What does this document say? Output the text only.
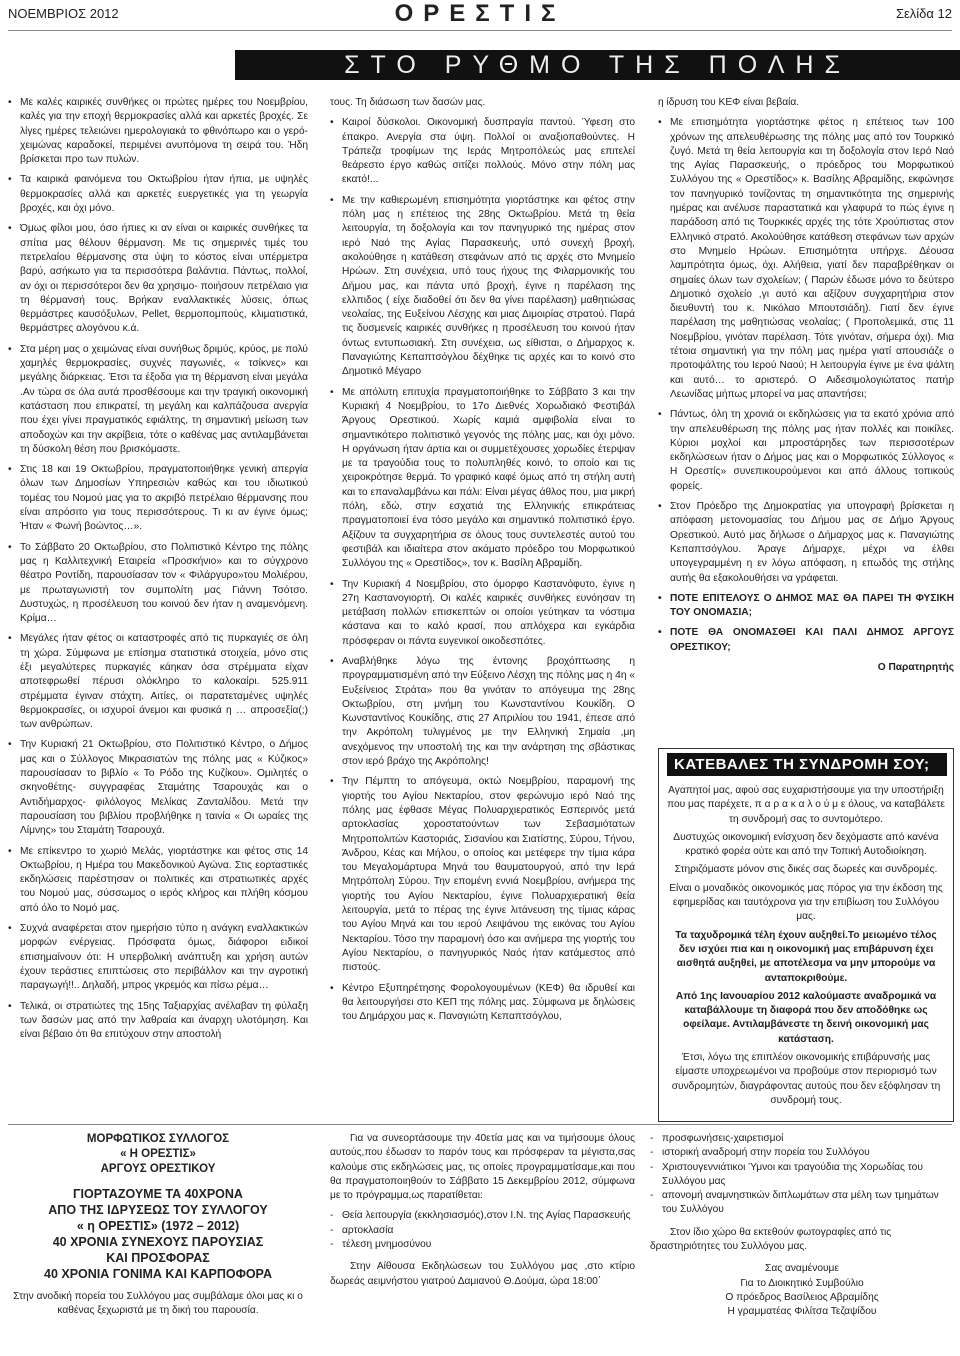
ΝΟΕΜΒΡΙΟΣ 2012	ΟΡΕΣΤΙΣ	Σελίδα 12
ΣΤΟ ΡΥΘΜΟ ΤΗΣ ΠΟΛΗΣ

• Με καλές καιρικές συνθήκες οι πρώτες ημέρες του Νοεμβρίου, καλές για την εποχή θερμοκρασίες αλλά και αρκετές βροχές. Σε λίγες ημέρες τελειώνει ημερολογιακά το φθινόπωρο και ο γερό- χειμώνας καραδοκεί, περιμένει ανυπόμονα τη σειρά του. Ήδη βρίσκεται προ των πυλών.

• Τα καιρικά φαινόμενα του Οκτωβρίου ήταν ήπια, με υψηλές θερμοκρασίες αλλά και αρκετές ευεργετικές για τη γεωργία βροχές, και όχι μόνο.

• Όμως φίλοι μου, όσο ήπιες κι αν είναι οι καιρικές συνθήκες τα σπίτια μας θέλουν θέρμανση. Με τις σημερινές τιμές του πετρελαίου θέρμανσης στα ύψη το κόστος είναι υπέρμετρα βαρύ, ασήκωτο για τα περισσότερα βαλάντια. Πάντως, πολλοί, αν όχι οι περισσότεροι δεν θα χρησιμο- ποιήσουν πετρέλαιο για τη θέρμανσή τους. Βρήκαν εναλλακτικές λύσεις, όπως θερμάστρες καυσόξυλων, Pellet, θερμοπομπούς, κλιματιστικά, θερμάστρες αλογόνου κ.ά.

• Στα μέρη μας ο χειμώνας είναι συνήθως δριμύς, κρύος, με πολύ χαμηλές θερμοκρασίες, συχνές παγωνιές, « τσίκνες» και μεγάλης διάρκειας. Έτσι τα έξοδα για τη θέρμανση είναι μεγάλα .Αν τώρα σε όλα αυτά προσθέσουμε και την τραγική οικονομική κατάσταση που επικρατεί, τη μεγάλη και καλπάζουσα ανεργία που έχει γίνει πραγματικός εφιάλτης, τη σημαντική μείωση των αποδοχών και την ακρίβεια, τότε ο καθένας μας αντιλαμβάνεται τη δύσκολη θέση που βρισκόμαστε.

• Στις 18 και 19 Οκτωβρίου, πραγματοποιήθηκε γενική απεργία όλων των Δημοσίων Υπηρεσιών καθώς και του ιδιωτικού τομέας του Νομού μας για το ακριβό πετρέλαιο θέρμανσης που είναι απρόσιτο για τους περισσότερους. Τι κι αν έγινε όμως; Ήταν « Φωνή βοώντος…».

• Το Σάββατο 20 Οκτωβρίου, στο Πολιτιστικό Κέντρο της πόλης μας η Καλλιτεχνική Εταιρεία «Προσκήνιο» και το σύγχρονο θέατρο Ροντίδη, παρουσίασαν τον « Φιλάργυρο»του Μολιέρου, με πρωταγωνιστή τον συμπολίτη μας Γιάννη Τσότσο. Δυστυχώς, η προσέλευση του κοινού δεν ήταν η αναμενόμενη. Κρίμα…

• Μεγάλες ήταν φέτος οι καταστροφές από τις πυρκαγιές σε όλη τη χώρα. Σύμφωνα με επίσημα στατιστικά στοιχεία, μόνο στις έξι μεγαλύτερες πυρκαγιές κάηκαν όσα στρέμματα είχαν αποτεφρωθεί πέρυσι ολόκληρο το καλοκαίρι. 525.911 στρέμματα έγιναν στάχτη. Αιτίες, οι παρατεταμένες υψηλές θερμοκρασίες, οι ισχυροί άνεμοι και φυσικά η … απροσεξία(;) των ανθρώπων.

• Την Κυριακή 21 Οκτωβρίου, στο Πολιτιστικό Κέντρο, ο Δήμος μας και ο Σύλλογος Μικρασιατών της πόλης μας « Κύζικος» παρουσίασαν το βιβλίο « Το Ρόδο της Κυζίκου». Ομιλητές ο σκηνοθέτης- συγγραφέας Σταμάτης Τσαρουχάς και ο Αντιδήμαρχος- φιλόλογος Μελίκας Ζανταλίδου. Μετά την παρουσίαση του βιβλίου προβλήθηκε η ταινία « Οι ωραίες της Λίμνης» του Σταμάτη Τσαρουχά.

• Με επίκεντρο το χωριό Μελάς, γιορτάστηκε και φέτος στις 14 Οκτωβρίου, η Ημέρα του Μακεδονικού Αγώνα. Στις εορταστικές εκδηλώσεις παρέστησαν οι πολιτικές και στρατιωτικές αρχές του Νομού μας, σύσσωμος ο ιερός κλήρος και πλήθη κόσμου από όλο το Νομό μας.

• Συχνά αναφέρεται στον ημερήσιο τύπο η ανάγκη εναλλακτικών μορφών ενέργειας. Πρόσφατα όμως, διάφοροι ειδικοί επισημαίνουν ότι: Η υπερβολική ανάπτυξη και χρήση αυτών έχουν τεράστιες επιπτώσεις στο περιβάλλον και την αγροτική παραγωγή!!.. Δηλαδή, μπρος γκρεμός και πίσω ρέμα…

• Τελικά, οι στρατιώτες της 15ης Ταξιαρχίας ανέλαβαν τη φύλαξη των δασών μας από την λαθραία και άναρχη υλοτόμηση. Και είναι βέβαιο ότι θα επιτύχουν στην αποστολή

τους. Τη διάσωση των δασών μας.

• Καιροί δύσκολοι. Οικονομική δυσπραγία παντού. Ύφεση στο έπακρο. Ανεργία στα ύψη. Πολλοί οι αναξιοπαθούντες. Η Τράπεζα τροφίμων της Ιεράς Μητροπόλεώς μας επιτελεί θεάρεστο έργο καθώς σιτίζει πολλούς. Μόνο στην πόλη μας εκατό!...

• Με την καθιερωμένη επισημότητα γιορτάστηκε και φέτος στην πόλη μας η επέτειος της 28ης Οκτωβρίου. Μετά τη θεία λειτουργία, τη δοξολογία και τον πανηγυρικό της ημέρας στον ιερό Ναό της Αγίας Παρασκευής, υπό συνεχή βροχή, ακολούθησε η κατάθεση στεφάνων από τις αρχές στο Μνημείο Ηρώων. Στη συνέχεια, υπό τους ήχους της Φιλαρμονικής του Δήμου μας, και πάντα υπό βροχή, έγινε η παρέλαση της ελλπιδος ( είχε διαδοθεί ότι δεν θα γίνει παρέλαση) μαθητιώσας νεολαίας, της Ευξείνου Λέσχης και μιας Διμοιρίας στρατού. Παρά τις δυσμενείς καιρικές συνθήκες η προσέλευση του κοινού ήταν όντως εντυπωσιακή. Στη συνέχεια, ως είθισται, ο Δήμαρχος κ. Παναγιώτης Κεπαπτσόγλου δέχθηκε τις αρχές και το κοινό στο Δημοτικό Μέγαρο

• Με απόλυτη επιτυχία πραγματοποιήθηκε το Σάββατο 3 και την Κυριακή 4 Νοεμβρίου, το 17ο Διεθνές Χορωδιακό Φεστιβάλ Άργους Ορεστικού. Χωρίς καμιά αμφιβολία είναι το σημαντικότερο πολιτιστικό γεγονός της πόλης μας, και όχι μόνο. Η οργάνωση ήταν άρτια και οι συμμετέχουσες χορωδίες έτερψαν με τα τραγούδια τους το πολυπληθές κοινό, το οποίο και τις χειροκρότησε θερμά. Το γραφικό καφέ όμως από τη στήλη αυτή και το επαναλαμβάνω και πάλι: Είναι μέγας άθλος που, μια μικρή πόλη, εδώ, στην εσχατιά της Ελληνικής επικράτειας πραγματοποιεί ένα τόσο μεγάλο και σημαντικό πολιτιστικό έργο. Αξίζουν τα συγχαρητήρια σε όλους τους συντελεστές αυτού του φεστιβάλ και ιδιαίτερα στον ακάματο πρόεδρο του Μορφωτικού Συλλόγου της « Ορεστίδος», τον κ. Βασίλη Αβραμίδη.

• Την Κυριακή 4 Νοεμβρίου, στο όμορφο Καστανόφυτο, έγινε η 27η Καστανογιορτή. Οι καλές καιρικές συνθήκες ευνόησαν τη μετάβαση πολλών επισκεπτών οι οποίοι γεύτηκαν τα νόστιμα κάστανα και το καλό κρασί, που απλόχερα και εγκάρδια πρόσφεραν οι πάντα ευγενικοί οικοδεσπότες.

• Αναβλήθηκε λόγω της έντονης βροχόπτωσης η προγραμματισμένη από την Εύξεινο Λέσχη της πόλης μας η 4η « Ευξείνειος Στράτα» που θα γινόταν το απόγευμα της 28ης Οκτωβρίου, στη μνήμη του Κωνσταντίνου Κουκίδη. Ο Κωνσταντίνος Κουκίδης, στις 27 Απριλίου του 1941, έπεσε από την Ακρόπολη τυλιγμένος με την Ελληνική Σημαία ,μη ανεχόμενος την υποστολή της και την ανάρτηση της σβάστικας στον ιερό βράχο της Ακρόπολης!

• Την Πέμπτη το απόγευμα, οκτώ Νοεμβρίου, παραμονή της γιορτής του Αγίου Νεκταρίου, στον φερώνυμο ιερό Ναό της πόλης μας έφθασε Μέγας Πολυαρχιερατικός Εσπερινός μετά αρτοκλασίας χοροστατούντων των Σεβασμιότατων Μητροπολιτών Καστοριάς, Σισανίου και Σιατίστης, Σύρου, Τήνου, Άνδρου, Κέας και Μήλου, ο οποίος και μετέφερε την τίμια κάρα του Μεγαλομάρτυρα Μηνά του θαυματουργού, από την Ιερά Μητρόπολη Σύρου. Την επομένη εννιά Νοεμβρίου, ανήμερα της γιορτής του Αγίου Νεκταρίου, έγινε Πολυαρχιερατική θεία λειτουργία, μετά το πέρας της έγινε λιτάνευση της τίμιας κάρας του Αγίου Μηνά και του ιερού Λειψάνου της εικόνας του Αγίου Νεκταρίου. Τόσο την παραμονή όσο και ανήμερα της γιορτής του Αγίου Νεκταρίου, ο πανηγυρικός Ναός ήταν κατάμεστος από πιστούς.

• Κέντρο Εξυπηρέτησης Φορολογουμένων (ΚΕΦ) θα ιδρυθεί και θα λειτουργήσει στο ΚΕΠ της πόλης μας. Σύμφωνα με δηλώσεις του Δημάρχου μας κ. Παναγιώτη Κεπαπτσόγλου,

η ίδρυση του ΚΕΦ είναι βεβαία.

• Με επισημότητα γιορτάστηκε φέτος η επέτειος των 100 χρόνων της απελευθέρωσης της πόλης μας από τον Τουρκικό ζυγό. Μετά τη θεία λειτουργία και τη δοξολογία στον Ιερό Ναό της Αγίας Παρασκευής, ο πρόεδρος του Μορφωτικού Συλλόγου της « Ορεστίδος» κ. Βασίλης Αβραμίδης, εκφώνησε τον πανηγυρικό τονίζοντας τη σημαντικότητα της σημερινής ημέρας και ανέλυσε παραστατικά και γλαφυρά το πώς έγινε η παράδοση από τις Τουρκικές αρχές της τότε Χρούπιστας στον Ελληνικό στρατό. Ακολούθησε κατάθεση στεφάνων των αρχών στο Μνημείο Ηρώων. Επισημότητα υπήρχε. Δέουσα λαμπρότητα όμως, όχι. Αλήθεια, γιατί δεν παραβρέθηκαν οι σημαίες όλων των σχολείων; ( Παρών έδωσε μόνο το δεύτερο Δημοτικό σχολείο ,γι αυτό και αξίζουν συγχαρητήρια στον διευθυντή του κ. Νικόλαο Μπουτσιάδη). Γιατί δεν έγινε παρέλαση της μαθητιώσας νεολαίας; ( Προπολεμικά, στις 11 Νοεμβρίου, γινόταν παρέλαση. Τότε γινόταν, σήμερα όχι). Μια τέτοια σημαντική για την πόλη μας ημέρα γιατί απουσιάζε ο προτοψάλτης του Ιερού Ναού; Η λειτουργία έγινε με ένα ψάλτη και αυτό… το αριστερό. Ο Αιδεσιμολογιώτατος πατήρ Λεωνίδας μήπως μπορεί να μας απαντήσει;

• Πάντως, όλη τη χρονιά οι εκδηλώσεις για τα εκατό χρόνια από την απελευθέρωση της πόλης μας ήταν πολλές και ποικίλες. Κύριοι μοχλοί και μπροστάρηδες των περισσοτέρων εκδηλώσεων ήταν ο Δήμος μας και ο Μορφωτικός Σύλλογος « Η Ορεστίς» συνεπικουρούμενοι και από άλλους τοπικούς φορείς.

• Στον Πρόεδρο της Δημοκρατίας για υπογραφή βρίσκεται η απόφαση μετονομασίας του Δήμου μας σε Δήμο Άργους Ορεστικού. Αυτό μας δήλωσε ο Δήμαρχος μας κ. Παναγιώτης Κεπαπτσόγλου. Άραγε Δήμαρχε, μέχρι να έλθει υπογεγραμμένη η εν λόγω απόφαση, η επωδός της στήλης αυτής θα εξακολουθήσει να γράφεται.

• ΠΟΤΕ ΕΠΙΤΕΛΟΥΣ Ο ΔΗΜΟΣ ΜΑΣ ΘΑ ΠΑΡΕΙ ΤΗ ΦΥΣΙΚΗ ΤΟΥ ΟΝΟΜΑΣΙΑ;

• ΠΟΤΕ ΘΑ ΟΝΟΜΑΣΘΕΙ ΚΑΙ ΠΑΛΙ ΔΗΜΟΣ ΑΡΓΟΥΣ ΟΡΕΣΤΙΚΟΥ;

Ο Παρατηρητής

ΚΑΤΕΒΑΛΕΣ ΤΗ ΣΥΝΔΡΟΜΗ ΣΟΥ;

Αγαπητοί μας, αφού σας ευχαριστήσουμε για την υποστήριξη που μας παρέχετε, π α ρ α κ α λ ο ύ μ ε όλους, να καταβάλετε τη συνδρομή σας το συντομότερο.

Δυστυχώς οικονομική ενίσχυση δεν δεχόμαστε από κανένα κρατικό φορέα ούτε και από την Τοπική Αυτοδιοίκηση.

Στηριζόμαστε μόνον στις δικές σας δωρεές και συνδρομές.

Είναι ο μοναδικός οικονομικός μας πόρος για την έκδοση της εφημερίδας και ταυτόχρονα για την επιβίωση του Συλλόγου μας.

Τα ταχυδρομικά τέλη έχουν αυξηθεί.Το μειωμένο τέλος δεν ισχύει πια και η οικονομική μας επιβάρυνση έχει αισθητά αυξηθεί, με αποτέλεσμα να μην μπορούμε να ανταποκριθούμε.

Από 1ης Ιανουαρίου 2012 καλούμαστε αναδρομικά να καταβάλλουμε τη διαφορά που δεν αποδόθηκε ως οφείλαμε. Αντιλαμβάνεστε τη δεινή οικονομική μας κατάσταση.

Έτσι, λόγω της επιπλέον οικονομικής επιβάρυνσής μας είμαστε υποχρεωμένοι να προβούμε στον περιορισμό των συνδρομητών, διαγράφοντας αυτούς που δεν εξόφλησαν τη συνδρομή τους.

ΜΟΡΦΩΤΙΚΟΣ ΣΥΛΛΟΓΟΣ
« Η ΟΡΕΣΤΙΣ»
ΑΡΓΟΥΣ ΟΡΕΣΤΙΚΟΥ
ΓΙΟΡΤΑΖΟΥΜΕ ΤΑ 40ΧΡΟΝΑ
ΑΠΟ ΤΗΣ ΙΔΡΥΣΕΩΣ ΤΟΥ ΣΥΛΛΟΓΟΥ
« η ΟΡΕΣΤΙΣ» (1972 – 2012)
40 ΧΡΟΝΙΑ ΣΥΝΕΧΟΥΣ ΠΑΡΟΥΣΙΑΣ
ΚΑΙ ΠΡΟΣΦΟΡΑΣ
40 ΧΡΟΝΙΑ ΓΟΝΙΜΑ ΚΑΙ ΚΑΡΠΟΦΟΡΑ
Στην ανοδική πορεία του Συλλόγου μας συμβάλαμε όλοι μας κι ο καθένας ξεχωριστά με τη δική του παρουσία.

Για να συνεορτάσουμε την 40ετία μας και να τιμήσουμε όλους αυτούς,που έδωσαν το παρόν τους και πρόσφεραν τα μέγιστα,σας καλούμε στις εκδηλώσεις μας, τις οποίες προγραμματίσαμε,και που θα πραγματοποιηθούν το Σάββατο 15 Δεκεμβρίου 2012, σύμφωνα με το πρόγραμμα,ως παρατίθεται:

- Θεία λειτουργία (εκκλησιασμός),στον Ι.Ν. της Αγίας Παρασκευής
- αρτοκλασία
- τέλεση μνημοσύνου

Στην Αίθουσα Εκδηλώσεων του Συλλόγου μας ,στο κτίριο δωρεάς αειμνήστου γιατρού Δαμιανού Θ.Δούμα, ώρα 18:00΄

- προσφωνήσεις-χαιρετισμοί
- ιστορική αναδρομή στην πορεία του Συλλόγου
- Χριστουγεννιάτικοι Ύμνοι και τραγούδια της Χορωδίας του Συλλόγου μας
- απονομή αναμνηστικών διπλωμάτων στα μέλη των τμημάτων του Συλλόγου
Στον ίδιο χώρο θα εκτεθούν φωτογραφίες από τις δραστηριότητες του Συλλόγου μας.
Σας αναμένουμε
Για το Διοικητικό Συμβούλιο
Ο πρόεδρος Βασίλειος Αβραμίδης
Η γραμματέας Φιλίτσα Τεζαψίδου
